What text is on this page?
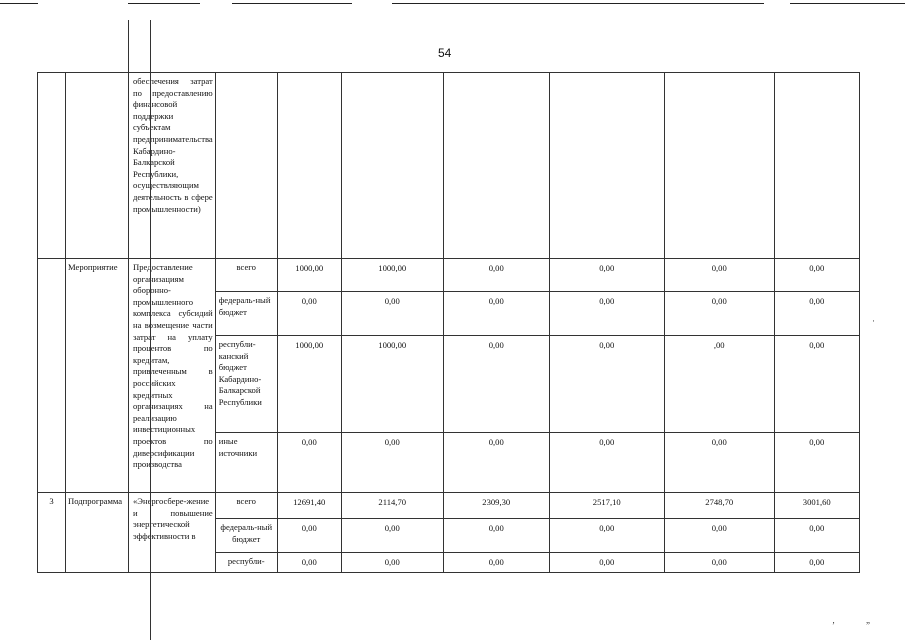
54
		обеспечения затрат по предоставлению финансовой поддержки субъектам предпринимательства Кабардино-Балкарской Республики, осуществляющим деятельность в сфере промышленности)							
	Мероприятие	Предоставление организациям оборонно-промышленного комплекса субсидий на возмещение части затрат на уплату процентов по кредитам, привлеченным в российских кредитных организациях на реализацию инвестиционных проектов по диверсификации производства	всего	1000,00	1000,00	0,00	0,00	0,00	0,00
			федераль-ный бюджет	0,00	0,00	0,00	0,00	0,00	0,00
			республи-канский бюджет Кабардино-Балкарской Республики	1000,00	1000,00	0,00	0,00	,00	0,00
			иные источники	0,00	0,00	0,00	0,00	0,00	0,00
3	Подпрограмма	«Энергосбере-жение и повышение энергетической эффективности в	всего	12691,40	2114,70	2309,30	2517,10	2748,70	3001,60
			федераль-ный бюджет	0,00	0,00	0,00	0,00	0,00	0,00
			республи-	0,00	0,00	0,00	0,00	0,00	0,00
·
‚	„
